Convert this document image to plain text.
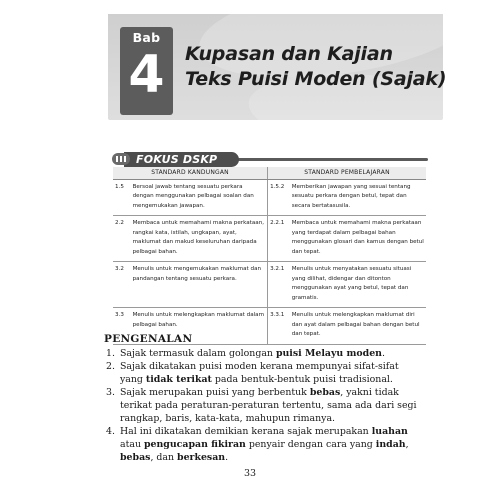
Bab
4	Kupasan dan Kajian
Teks Puisi Moden (Sajak)
FOKUS DSKP
STANDARD KANDUNGAN		STANDARD PEMBELAJARAN	
1.5	Bersoal jawab tentang sesuatu perkara dengan menggunakan pelbagai soalan dan mengemukakan jawapan.	1.5.2	Memberikan jawapan yang sesuai tentang sesuatu perkara dengan betul, tepat dan secara bertatasusila.
2.2	Membaca untuk memahami makna perkataan, rangkai kata, istilah, ungkapan, ayat, maklumat dan makud keseluruhan daripada pelbagai bahan.	2.2.1	Membaca untuk memahami makna perkataan yang terdapat dalam pelbagai bahan menggunakan glosari dan kamus dengan betul dan tepat.
3.2	Menulis untuk mengemukakan maklumat dan pandangan tentang sesuatu perkara.	3.2.1	Menulis untuk menyatakan sesuatu situasi yang dilihat, didengar dan ditonton menggunakan ayat yang betul, tepat dan gramatis.
3.3	Menulis untuk melengkapkan maklumat dalam pelbagai bahan.	3.3.1	Menulis untuk melengkapkan maklumat diri dan ayat dalam pelbagai bahan dengan betul dan tepat.
PENGENALAN
1. Sajak termasuk dalam golongan puisi Melayu moden.
2. Sajak dikatakan puisi moden kerana mempunyai sifat-sifat yang tidak terikat pada bentuk-bentuk puisi tradisional.
3. Sajak merupakan puisi yang berbentuk bebas, yakni tidak terikat pada peraturan-peraturan tertentu, sama ada dari segi rangkap, baris, kata-kata, mahupun rimanya.
4. Hal ini dikatakan demikian kerana sajak merupakan luahan atau pengucapan fikiran penyair dengan cara yang indah, bebas, dan berkesan.
33
